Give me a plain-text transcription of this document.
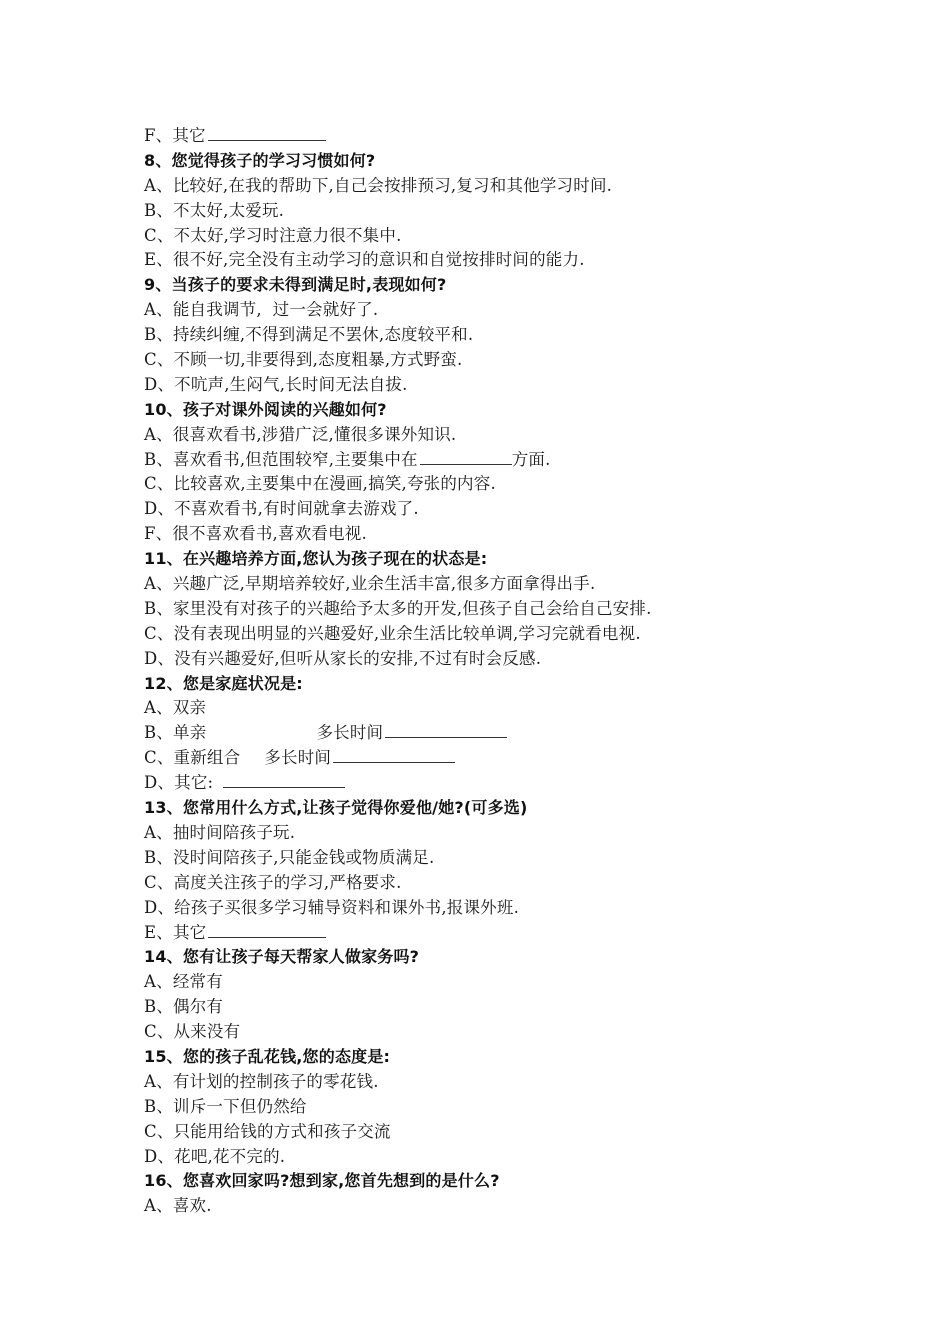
F、其它
8、您觉得孩子的学习习惯如何?
A、比较好,在我的帮助下,自己会按排预习,复习和其他学习时间.
B、不太好,太爱玩.
C、不太好,学习时注意力很不集中.
E、很不好,完全没有主动学习的意识和自觉按排时间的能力.
9、当孩子的要求未得到满足时,表现如何?
A、能自我调节,  过一会就好了.
B、持续纠缠,不得到满足不罢休,态度较平和.
C、不顾一切,非要得到,态度粗暴,方式野蛮.
D、不吭声,生闷气,长时间无法自拔.
10、孩子对课外阅读的兴趣如何?
A、很喜欢看书,涉猎广泛,懂很多课外知识.
B、喜欢看书,但范围较窄,主要集中在	方面.
C、比较喜欢,主要集中在漫画,搞笑,夸张的内容.
D、不喜欢看书,有时间就拿去游戏了.
F、很不喜欢看书,喜欢看电视.
11、在兴趣培养方面,您认为孩子现在的状态是:
A、兴趣广泛,早期培养较好,业余生活丰富,很多方面拿得出手.
B、家里没有对孩子的兴趣给予太多的开发,但孩子自己会给自己安排.
C、没有表现出明显的兴趣爱好,业余生活比较单调,学习完就看电视.
D、没有兴趣爱好,但听从家长的安排,不过有时会反感.
12、您是家庭状况是:
A、双亲
B、单亲	多长时间
C、重新组合 多长时间
D、其它:
13、您常用什么方式,让孩子觉得你爱他/她?(可多选)
A、抽时间陪孩子玩.
B、没时间陪孩子,只能金钱或物质满足.
C、高度关注孩子的学习,严格要求.
D、给孩子买很多学习辅导资料和课外书,报课外班.
E、其它
14、您有让孩子每天帮家人做家务吗?
A、经常有
B、偶尔有
C、从来没有
15、您的孩子乱花钱,您的态度是:
A、有计划的控制孩子的零花钱.
B、训斥一下但仍然给
C、只能用给钱的方式和孩子交流
D、花吧,花不完的.
16、您喜欢回家吗?想到家,您首先想到的是什么?
A、喜欢.
